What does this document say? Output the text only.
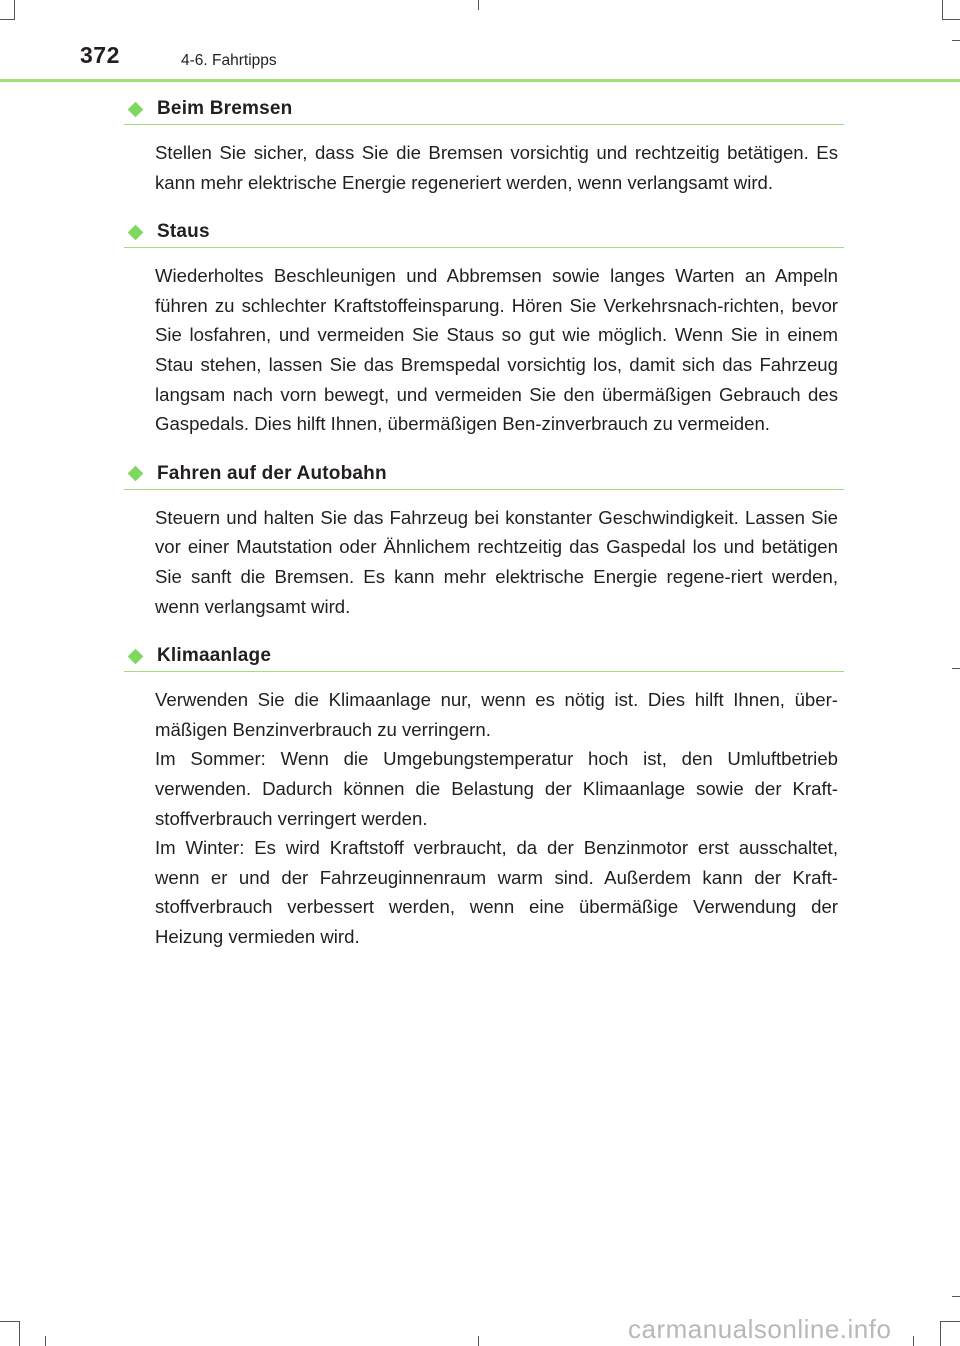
372	4-6. Fahrtipps
Beim Bremsen

Stellen Sie sicher, dass Sie die Bremsen vorsichtig und rechtzeitig betätigen. Es kann mehr elektrische Energie regeneriert werden, wenn verlangsamt wird.

Staus

Wiederholtes Beschleunigen und Abbremsen sowie langes Warten an Ampeln führen zu schlechter Kraftstoffeinsparung. Hören Sie Verkehrsnach-richten, bevor Sie losfahren, und vermeiden Sie Staus so gut wie möglich. Wenn Sie in einem Stau stehen, lassen Sie das Bremspedal vorsichtig los, damit sich das Fahrzeug langsam nach vorn bewegt, und vermeiden Sie den übermäßigen Gebrauch des Gaspedals. Dies hilft Ihnen, übermäßigen Ben-zinverbrauch zu vermeiden.

Fahren auf der Autobahn

Steuern und halten Sie das Fahrzeug bei konstanter Geschwindigkeit. Lassen Sie vor einer Mautstation oder Ähnlichem rechtzeitig das Gaspedal los und betätigen Sie sanft die Bremsen. Es kann mehr elektrische Energie regene-riert werden, wenn verlangsamt wird.

Klimaanlage

Verwenden Sie die Klimaanlage nur, wenn es nötig ist. Dies hilft Ihnen, über-mäßigen Benzinverbrauch zu verringern.

Im Sommer: Wenn die Umgebungstemperatur hoch ist, den Umluftbetrieb verwenden. Dadurch können die Belastung der Klimaanlage sowie der Kraft-stoffverbrauch verringert werden.

Im Winter: Es wird Kraftstoff verbraucht, da der Benzinmotor erst ausschaltet, wenn er und der Fahrzeuginnenraum warm sind. Außerdem kann der Kraft-stoffverbrauch verbessert werden, wenn eine übermäßige Verwendung der Heizung vermieden wird.

carmanualsonline.info
